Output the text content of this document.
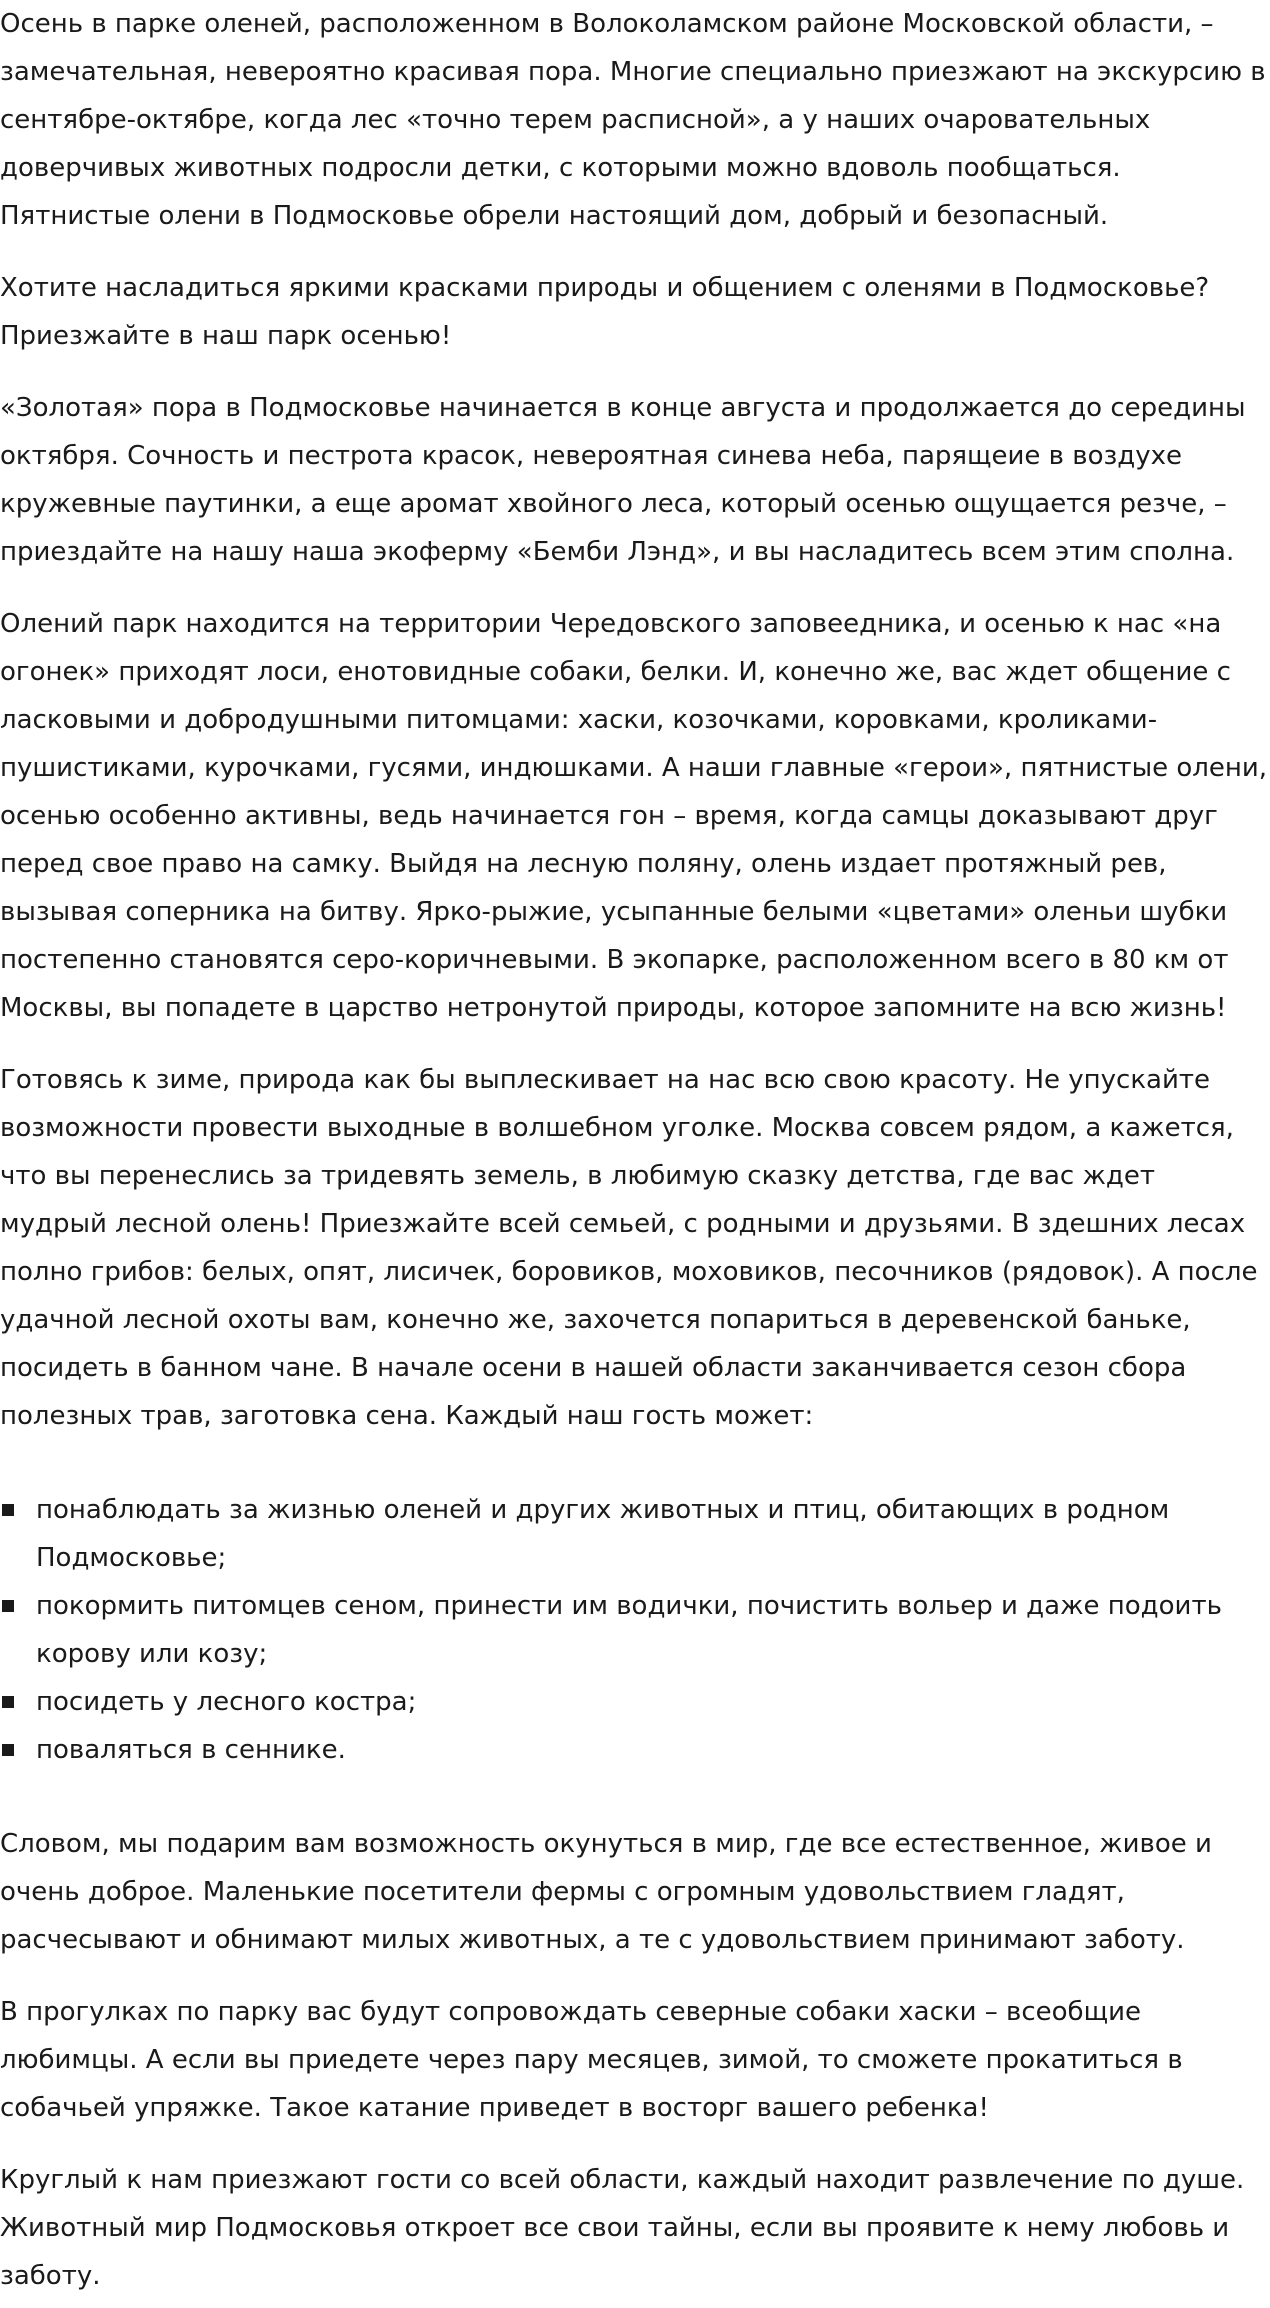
Осень в парке оленей, расположенном в Волоколамском районе Московской области, – замечательная, невероятно красивая пора. Многие специально приезжают на экскурсию в сентябре-октябре, когда лес «точно терем расписной», а у наших очаровательных доверчивых животных подросли детки, с которыми можно вдоволь пообщаться. Пятнистые олени в Подмосковье обрели настоящий дом, добрый и безопасный.

Хотите насладиться яркими красками природы и общением с оленями в Подмосковье? Приезжайте в наш парк осенью!

«Золотая» пора в Подмосковье начинается в конце августа и продолжается до середины октября. Сочность и пестрота красок, невероятная синева неба, парящеие в воздухе кружевные паутинки, а еще аромат хвойного леса, который осенью ощущается резче, – приездайте на нашу наша экоферму «Бемби Лэнд», и вы насладитесь всем этим сполна.

Олений парк находится на территории Чередовского заповеедника, и осенью к нас «на огонек» приходят лоси, енотовидные собаки, белки. И, конечно же, вас ждет общение с ласковыми и добродушными питомцами: хаски, козочками, коровками, кроликами-пушистиками, курочками, гусями, индюшками. А наши главные «герои», пятнистые олени, осенью особенно активны, ведь начинается гон – время, когда самцы доказывают друг перед свое право на самку. Выйдя на лесную поляну, олень издает протяжный рев, вызывая соперника на битву. Ярко-рыжие, усыпанные белыми «цветами» оленьи шубки постепенно становятся серо-коричневыми. В экопарке, расположенном всего в 80 км от Москвы, вы попадете в царство нетронутой природы, которое запомните на всю жизнь!

Готовясь к зиме, природа как бы выплескивает на нас всю свою красоту. Не упускайте возможности провести выходные в волшебном уголке. Москва совсем рядом, а кажется, что вы перенеслись за тридевять земель, в любимую сказку детства, где вас ждет мудрый лесной олень! Приезжайте всей семьей, с родными и друзьями. В здешних лесах полно грибов: белых, опят, лисичек, боровиков, моховиков, песочников (рядовок). А после удачной лесной охоты вам, конечно же, захочется попариться в деревенской баньке, посидеть в банном чане. В начале осени в нашей области заканчивается сезон сбора полезных трав, заготовка сена. Каждый наш гость может:

понаблюдать за жизнью оленей и других животных и птиц, обитающих в родном Подмосковье;
покормить питомцев сеном, принести им водички, почистить вольер и даже подоить корову или козу;
посидеть у лесного костра;
поваляться в сеннике.

Словом, мы подарим вам возможность окунуться в мир, где все естественное, живое и очень доброе. Маленькие посетители фермы с огромным удовольствием гладят, расчесывают и обнимают милых животных, а те с удовольствием принимают заботу.

В прогулках по парку вас будут сопровождать северные собаки хаски – всеобщие любимцы. А если вы приедете через пару месяцев, зимой, то сможете прокатиться в собачьей упряжке. Такое катание приведет в восторг вашего ребенка!

Круглый к нам приезжают гости со всей области, каждый находит развлечение по душе. Животный мир Подмосковья откроет все свои тайны, если вы проявите к нему любовь и заботу.
